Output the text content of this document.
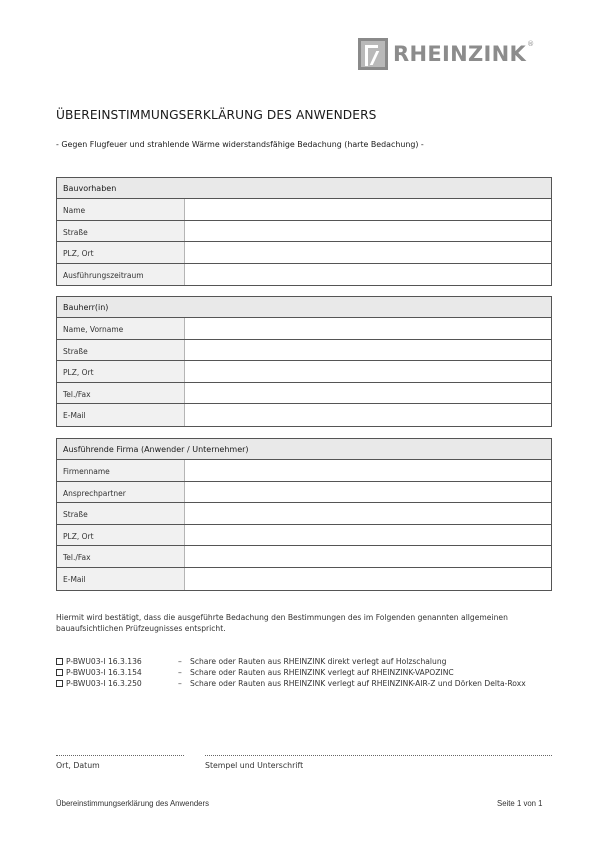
RHEINZINK ®
ÜBEREINSTIMMUNGSERKLÄRUNG DES ANWENDERS
- Gegen Flugfeuer und strahlende Wärme widerstandsfähige Bedachung (harte Bedachung) -
Bauvorhaben
Name
Straße
PLZ, Ort
Ausführungszeitraum
Bauherr(in)
Name, Vorname
Straße
PLZ, Ort
Tel./Fax
E-Mail
Ausführende Firma (Anwender / Unternehmer)
Firmenname
Ansprechpartner
Straße
PLZ, Ort
Tel./Fax
E-Mail
Hiermit wird bestätigt, dass die ausgeführte Bedachung den Bestimmungen des im Folgenden genannten allgemeinen bauaufsichtlichen Prüfzeugnisses entspricht.
P-BWU03-I 16.3.136	–	Schare oder Rauten aus RHEINZINK direkt verlegt auf Holzschalung
P-BWU03-I 16.3.154	–	Schare oder Rauten aus RHEINZINK verlegt auf RHEINZINK-VAPOZINC
P-BWU03-I 16.3.250	–	Schare oder Rauten aus RHEINZINK verlegt auf RHEINZINK-AIR-Z und Dörken Delta-Roxx
Ort, Datum	Stempel und Unterschrift
Übereinstimmungserklärung des Anwenders	Seite 1 von 1
